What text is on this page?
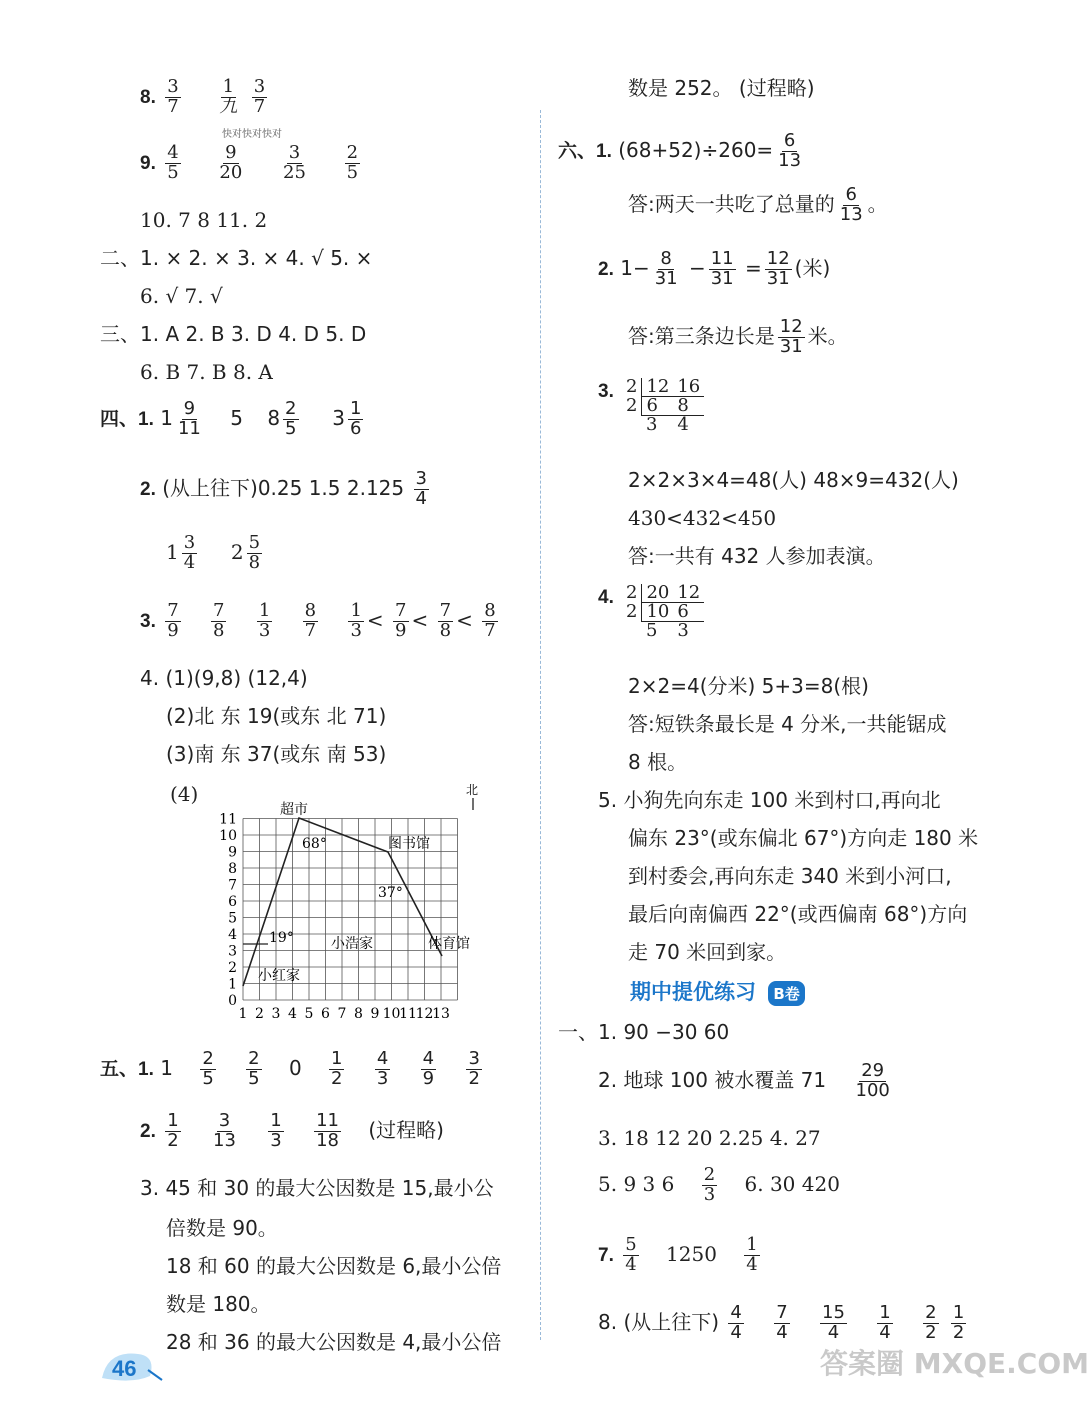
8. $\frac{3}{7}$
$\frac{1}{\text{九}}$
$\frac{3}{7}$
快对快对快对
9. $\frac{4}{5}$
$\frac{9}{20}$
$\frac{3}{25}$
$\frac{2}{5}$
10. 7 8 11. 2
二、1. × 2. × 3. × 4. √ 5. ×
6. √ 7. √
三、1. A 2. B 3. D 4. D 5. D
6. B 7. B 8. A
四、1. $1 \frac{9}{11} 5$ $8 \frac{2}{5} 3 \frac{1}{6}$
2. (从上往下)0.25 1.5 $2.125 \frac{3}{4}$
$1 \frac{3}{4} 2 \frac{5}{8}$
3. $\frac{7}{9}$
$\frac{7}{8}$
$\frac{1}{3}$
$\frac{8}{7}$
$\frac{1}{3} < \frac{7}{9} < \frac{7}{8} < \frac{8}{7}$
4. (1)(9,8) (12,4)
(2)北 东 19(或东 北 71)
(3)南 东 37(或东 南 53)
(4)
1
2
3
4
5
6
7
8
9
10
11
0
1 2 3 4 5 6 7 8 9 10
11
12
13
超市
图书馆
体育馆
小红家
小浩家
68°
37°
19°
北
五、1. $1 \frac{2}{5}$
$\frac{2}{5} 0 \frac{1}{2}$
$\frac{4}{3}$
$\frac{4}{9}$
$\frac{3}{2}$
2. $\frac{1}{2}$
$\frac{3}{13}$
$\frac{1}{3}$
$\frac{11}{18}$ (过程略)
3. 45 和 30 的最大公因数是 15,最小公
倍数是 90。
18 和 60 的最大公因数是 6,最小公倍
数是 180。
28 和 36 的最大公因数是 4,最小公倍
46
数是 252。 (过程略)
六、1. $(68+52)\div 260= \frac{6}{13}$
答:两天一共吃了总量的 $\frac{6}{13}$ 。
2. $1- \frac{8}{31} - \frac{11}{31} = \frac{12}{31}$ (米)
答:第三条边长是 $\frac{12}{31}$ 米。
3. 2	12	16
2	6	8
	3	4
2×2×3×4=48(人) 48×9=432(人)
430<432<450
答:一共有 432 人参加表演。
4. 2	20	12
2	10	6
	5	3
2×2=4(分米) 5+3=8(根)
答:短铁条最长是 4 分米,一共能锯成
8 根。
5. 小狗先向东走 100 米到村口,再向北
偏东 23°(或东偏北 67°)方向走 180 米
到村委会,再向东走 340 米到小河口,
最后向南偏西 22°(或西偏南 68°)方向
走 70 米回到家。
期中提优练习 B卷
一、1. 90 −30 60
2. 地球 100 被水覆盖 $71 \frac{29}{100}$
3. 18 12 20 2.25 4. 27
5. 9 3 $6 \frac{2}{3} 6$. 30 420
7. $\frac{5}{4} 1250 \frac{1}{4}$
8. (从上往下) $\frac{4}{4}$
$\frac{7}{4}$
$\frac{15}{4}$
$\frac{1}{4}$
$\frac{2}{2}$
$\frac{1}{2}$
答案圈 MXQE.COM
